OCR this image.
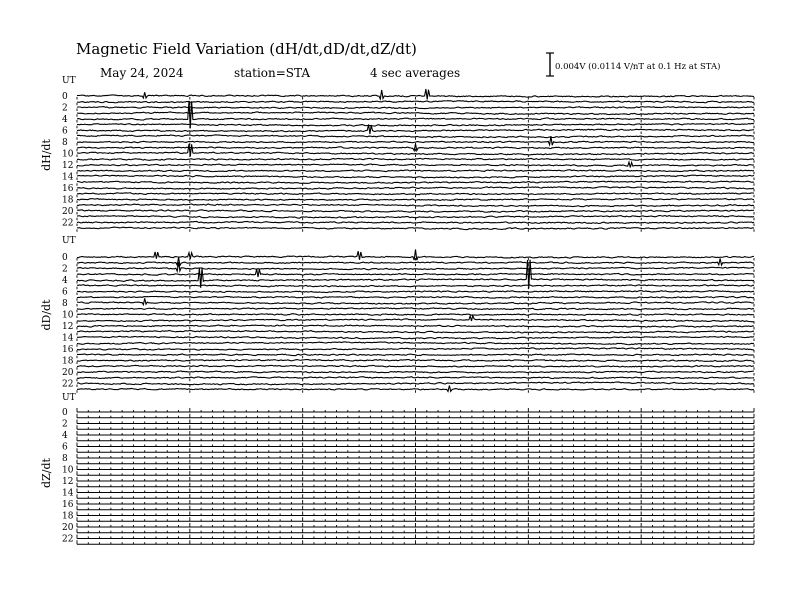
Magnetic Field Variation (dH/dt,dD/dt,dZ/dt)
May 24, 2024	station=STA	4 sec averages	0.004V (0.0114 V/nT at 0.1 Hz at STA)
UT
dH/dt
0
2
4
6
8
10
12
14
16
18
20
22
UT
dD/dt
0
2
4
6
8
10
12
14
16
18
20
22
UT
dZ/dt
0
2
4
6
8
10
12
14
16
18
20
22
